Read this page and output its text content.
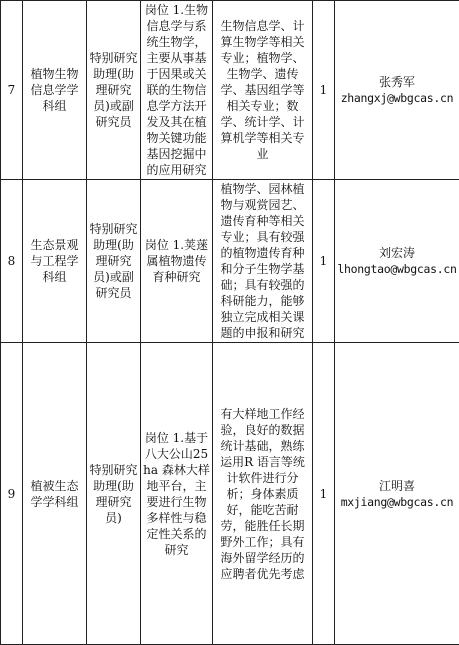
7	植物生物信息学学科组	特别研究助理(助理研究员)或副研究员	岗位 1.生物信息学与系统生物学，主要从事基于因果或关联的生物信息学方法开发及其在植物关键功能基因挖掘中的应用研究	生物信息学、计算生物学等相关专业；植物学、生物学、遗传学、基因组学等相关专业；数学、统计学、计算机学等相关专业	1	张秀军
zhangxj@wbgcas.cn

8	生态景观与工程学科组	特别研究助理(助理研究员)或副研究员	岗位 1.荚蒾属植物遗传育种研究	植物学、园林植物与观赏园艺、遗传育种等相关专业；具有较强的植物遗传育种和分子生物学基础；具有较强的科研能力，能够独立完成相关课题的申报和研究	1	刘宏涛
lhongtao@wbgcas.cn

9	植被生态学学科组	特别研究助理(助理研究员)	岗位 1.基于八大公山25ha 森林大样地平台，主要进行生物多样性与稳定性关系的研究	有大样地工作经验，良好的数据统计基础，熟练运用R 语言等统计软件进行分析；身体素质好，能吃苦耐劳，能胜任长期野外工作；具有海外留学经历的应聘者优先考虑	1	江明喜
mxjiang@wbgcas.cn
